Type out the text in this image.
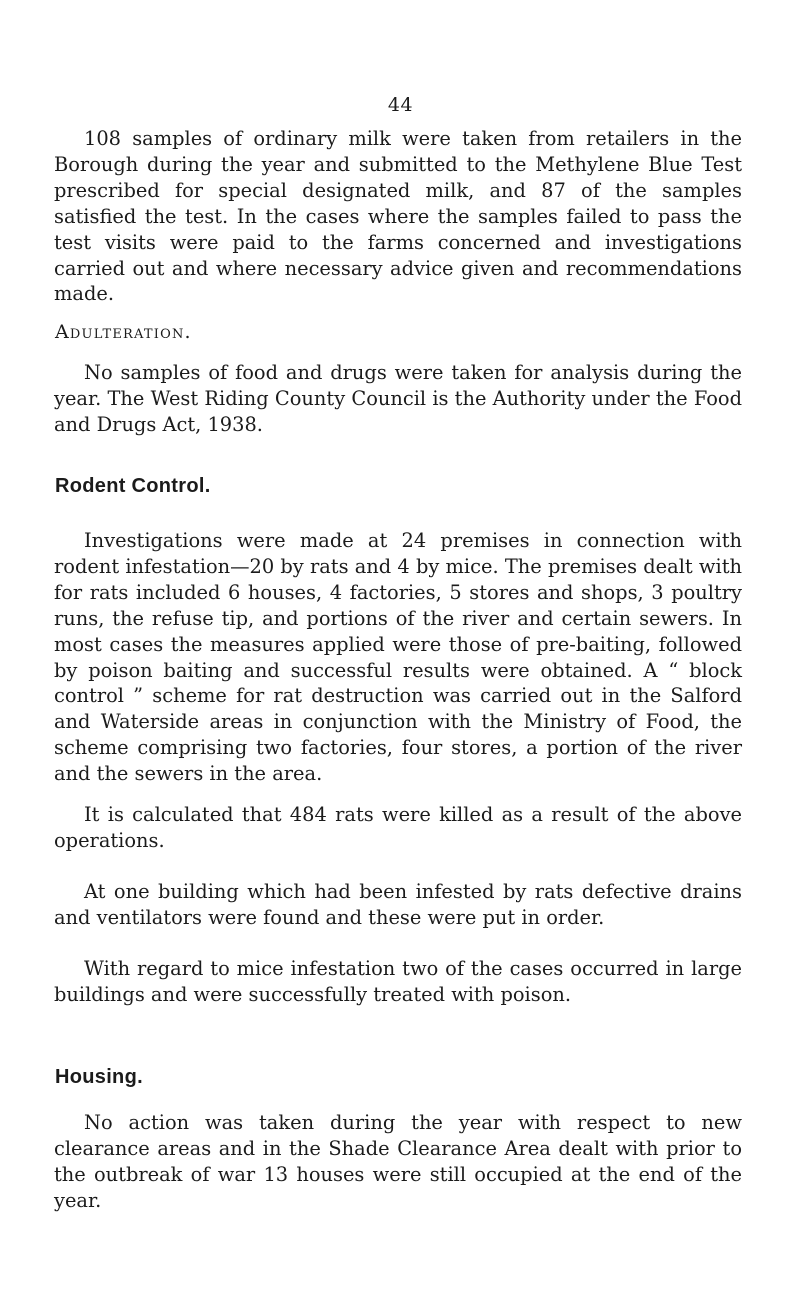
44

108 samples of ordinary milk were taken from retailers in the Borough during the year and submitted to the Methylene Blue Test prescribed for special designated milk, and 87 of the samples satisfied the test. In the cases where the samples failed to pass the test visits were paid to the farms concerned and investigations carried out and where necessary advice given and recommendations made.

Adulteration.

No samples of food and drugs were taken for analysis during the year. The West Riding County Council is the Authority under the Food and Drugs Act, 1938.

Rodent Control.

Investigations were made at 24 premises in connection with rodent infestation—20 by rats and 4 by mice. The premises dealt with for rats included 6 houses, 4 factories, 5 stores and shops, 3 poultry runs, the refuse tip, and portions of the river and certain sewers. In most cases the measures applied were those of pre-baiting, followed by poison baiting and successful results were obtained. A “ block control ” scheme for rat destruction was carried out in the Salford and Waterside areas in conjunction with the Ministry of Food, the scheme comprising two factories, four stores, a portion of the river and the sewers in the area.

It is calculated that 484 rats were killed as a result of the above operations.

At one building which had been infested by rats defective drains and ventilators were found and these were put in order.

With regard to mice infestation two of the cases occurred in large buildings and were successfully treated with poison.

Housing.

No action was taken during the year with respect to new clearance areas and in the Shade Clearance Area dealt with prior to the outbreak of war 13 houses were still occupied at the end of the year.
